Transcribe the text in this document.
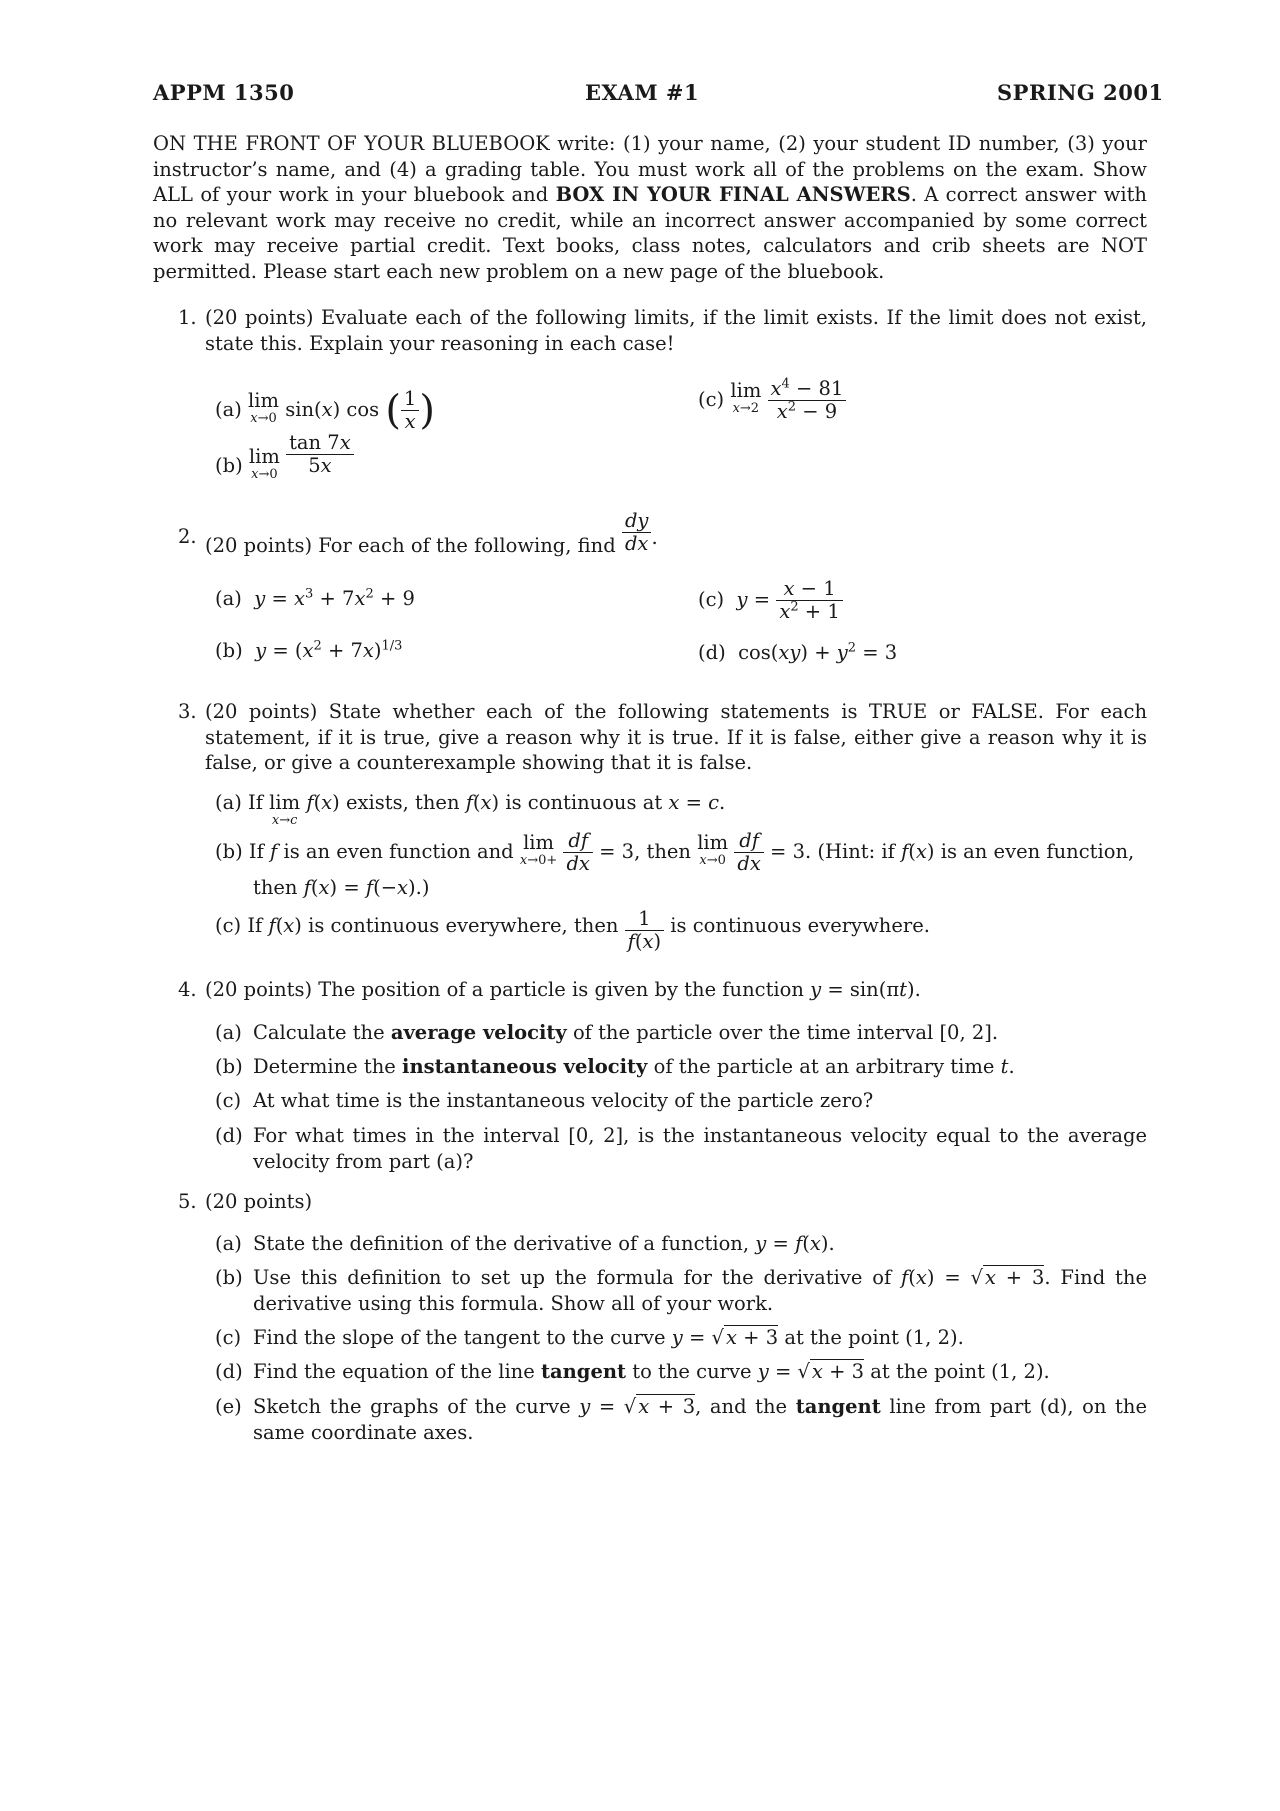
APPM 1350	EXAM #1	SPRING 2001
ON THE FRONT OF YOUR BLUEBOOK write: (1) your name, (2) your student ID number, (3) your instructor’s name, and (4) a grading table. You must work all of the problems on the exam. Show ALL of your work in your bluebook and BOX IN YOUR FINAL ANSWERS. A correct answer with no relevant work may receive no credit, while an incorrect answer accompanied by some correct work may receive partial credit. Text books, class notes, calculators and crib sheets are NOT permitted. Please start each new problem on a new page of the bluebook.
1. (20 points) Evaluate each of the following limits, if the limit exists. If the limit does not exist, state this. Explain your reasoning in each case!
(a) lim
x→0 sin(x) cos ( $\frac{1}{x}$ )
(b) lim
x→0
$\frac{\tan 7x}{5x}$
(c) lim
x→2
$\frac{x^4 - 81}{x^2 - 9}$
2. (20 points) For each of the following, find $\frac{dy}{dx}$ .
(a) $y = x^3 + 7x^2 + 9$
(b) $y = (x^2 + 7x)^{1/3}$
(c) $y = \frac{x - 1}{x^2 + 1}$
(d)  $\cos(xy) + y^2 = 3$
3. (20 points) State whether each of the following statements is TRUE or FALSE. For each statement, if it is true, give a reason why it is true. If it is false, either give a reason why it is false, or give a counterexample showing that it is false.
(a) If lim
x→c
f(x) exists, then f(x) is continuous at x = c.
(b) If f is an even function and lim
x→0+
$\frac{df}{dx} = 3$, then lim
x→0
$\frac{df}{dx} = 3$. (Hint: if f(x) is an even function,
then f(x) = f(−x).)
(c) If f(x) is continuous everywhere, then $\frac{1}{f(x)}$ is continuous everywhere.
4. (20 points) The position of a particle is given by the function y = sin(πt).
(a) Calculate the average velocity of the particle over the time interval [0, 2].
(b) Determine the instantaneous velocity of the particle at an arbitrary time t.
(c) At what time is the instantaneous velocity of the particle zero?
(d) For what times in the interval [0, 2], is the instantaneous velocity equal to the average velocity from part (a)?
5. (20 points)
(a) State the definition of the derivative of a function, y = f(x).
(b) Use this definition to set up the formula for the derivative of f(x) = √ x + 3. Find the derivative using this formula. Show all of your work.
(c) Find the slope of the tangent to the curve y = √ x + 3 at the point (1, 2).
(d) Find the equation of the line tangent to the curve y = √ x + 3 at the point (1, 2).
(e) Sketch the graphs of the curve y = √ x + 3, and the tangent line from part (d), on the same coordinate axes.
